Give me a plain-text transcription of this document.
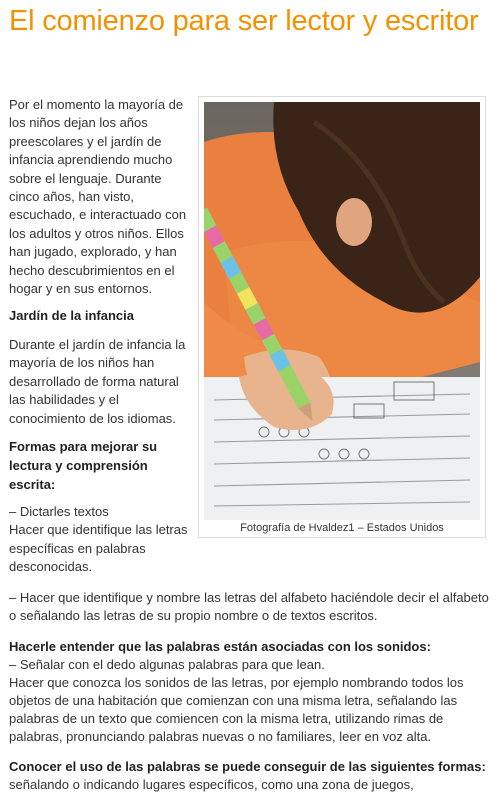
El comienzo para ser lector y escritor

Por el momento la mayoría de los niños dejan los años preescolares y el jardín de infancia aprendiendo mucho sobre el lenguaje. Durante cinco años, han visto, escuchado, e interactuado con los adultos y otros niños. Ellos han jugado, explorado, y han hecho descubrimientos en el hogar y en sus entornos.

Jardín de la infancia

Durante el jardín de infancia la mayoría de los niños han desarrollado de forma natural las habilidades y el conocimiento de los idiomas.

Formas para mejorar su lectura y comprensión escrita:

– Dictarles textos

Hacer que identifique las letras específicas en palabras desconocidas.

Fotografía de Hvaldez1 – Estados Unidos

– Hacer que identifique y nombre las letras del alfabeto haciéndole decir el alfabeto o señalando las letras de su propio nombre o de textos escritos.

Hacerle entender que las palabras están asociadas con los sonidos:

– Señalar con el dedo algunas palabras para que lean.

Hacer que conozca los sonidos de las letras, por ejemplo nombrando todos los objetos de una habitación que comienzan con una misma letra, señalando las palabras de un texto que comiencen con la misma letra, utilizando rimas de palabras, pronunciando palabras nuevas o no familiares, leer en voz alta.

Conocer el uso de las palabras se puede conseguir de las siguientes formas: señalando o indicando lugares específicos, como una zona de juegos,
